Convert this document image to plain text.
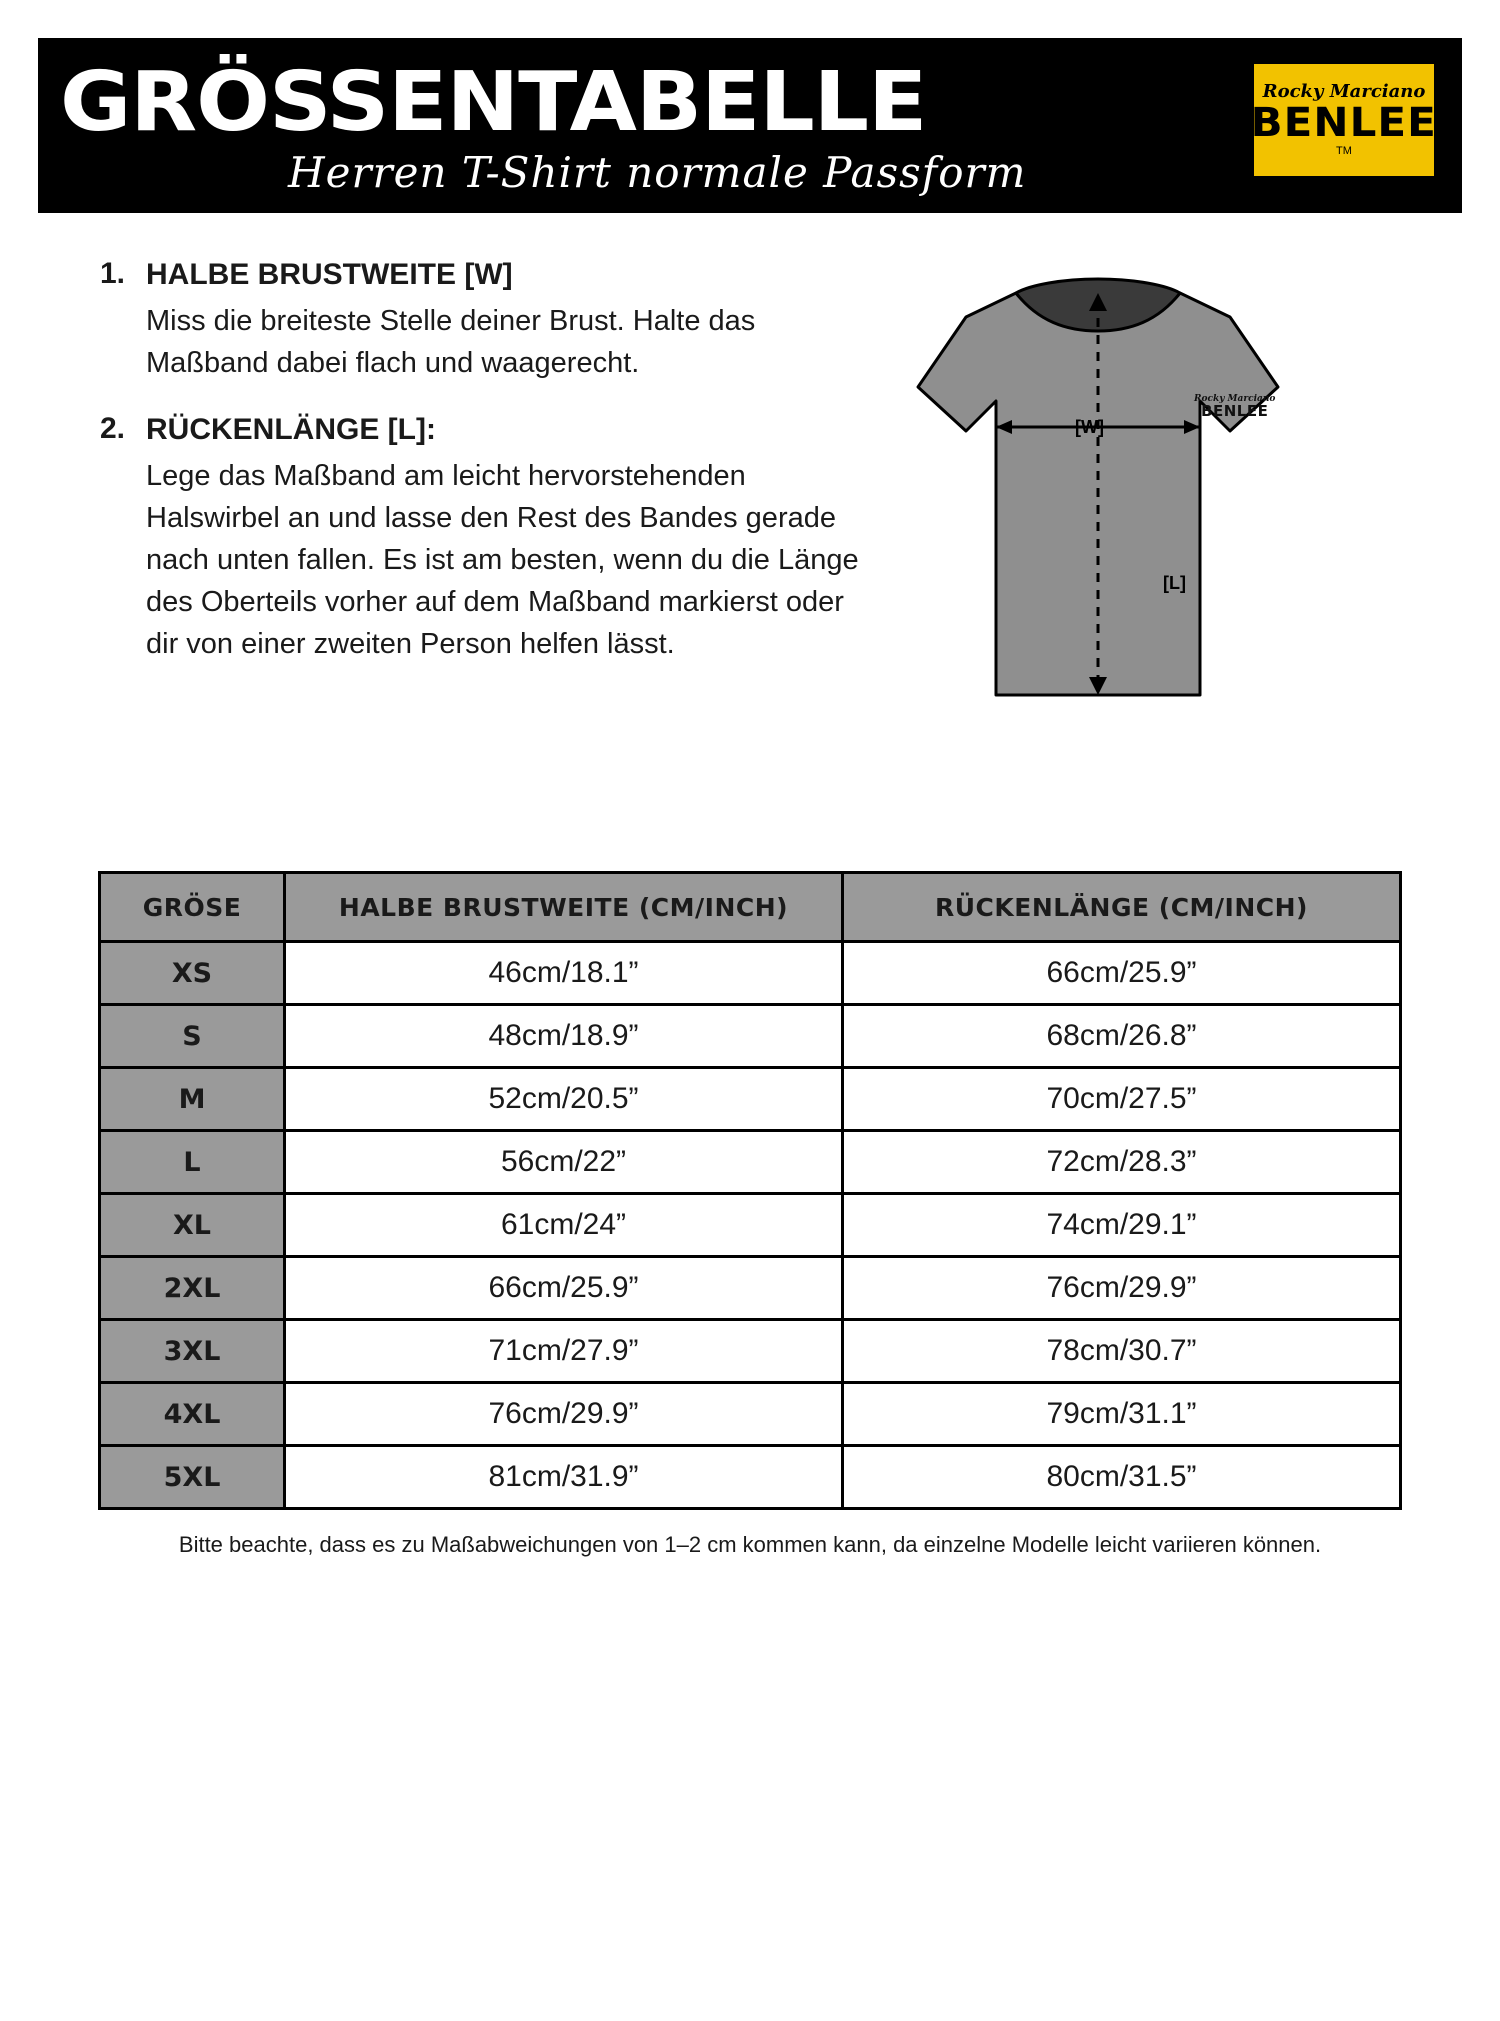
GRÖSSENTABELLE
Herren T-Shirt normale Passform
Rocky Marciano
BENLEE
TM
1. HALBE BRUSTWEITE [W]
Miss die breiteste Stelle deiner Brust. Halte das Maßband dabei flach und waagerecht.
2. RÜCKENLÄNGE [L]:
Lege das Maßband am leicht hervorstehenden Halswirbel an und lasse den Rest des Bandes gerade nach unten fallen. Es ist am besten, wenn du die Länge des Oberteils vorher auf dem Maßband markierst oder dir von einer zweiten Person helfen lässt.
Rocky Marciano
BENLEE
[W]
[L]
GRÖSE	HALBE BRUSTWEITE (CM/INCH)	RÜCKENLÄNGE (CM/INCH)
XS	46cm/18.1”	66cm/25.9”
S	48cm/18.9”	68cm/26.8”
M	52cm/20.5”	70cm/27.5”
L	56cm/22”	72cm/28.3”
XL	61cm/24”	74cm/29.1”
2XL	66cm/25.9”	76cm/29.9”
3XL	71cm/27.9”	78cm/30.7”
4XL	76cm/29.9”	79cm/31.1”
5XL	81cm/31.9”	80cm/31.5”
Bitte beachte, dass es zu Maßabweichungen von 1–2 cm kommen kann, da einzelne Modelle leicht variieren können.
